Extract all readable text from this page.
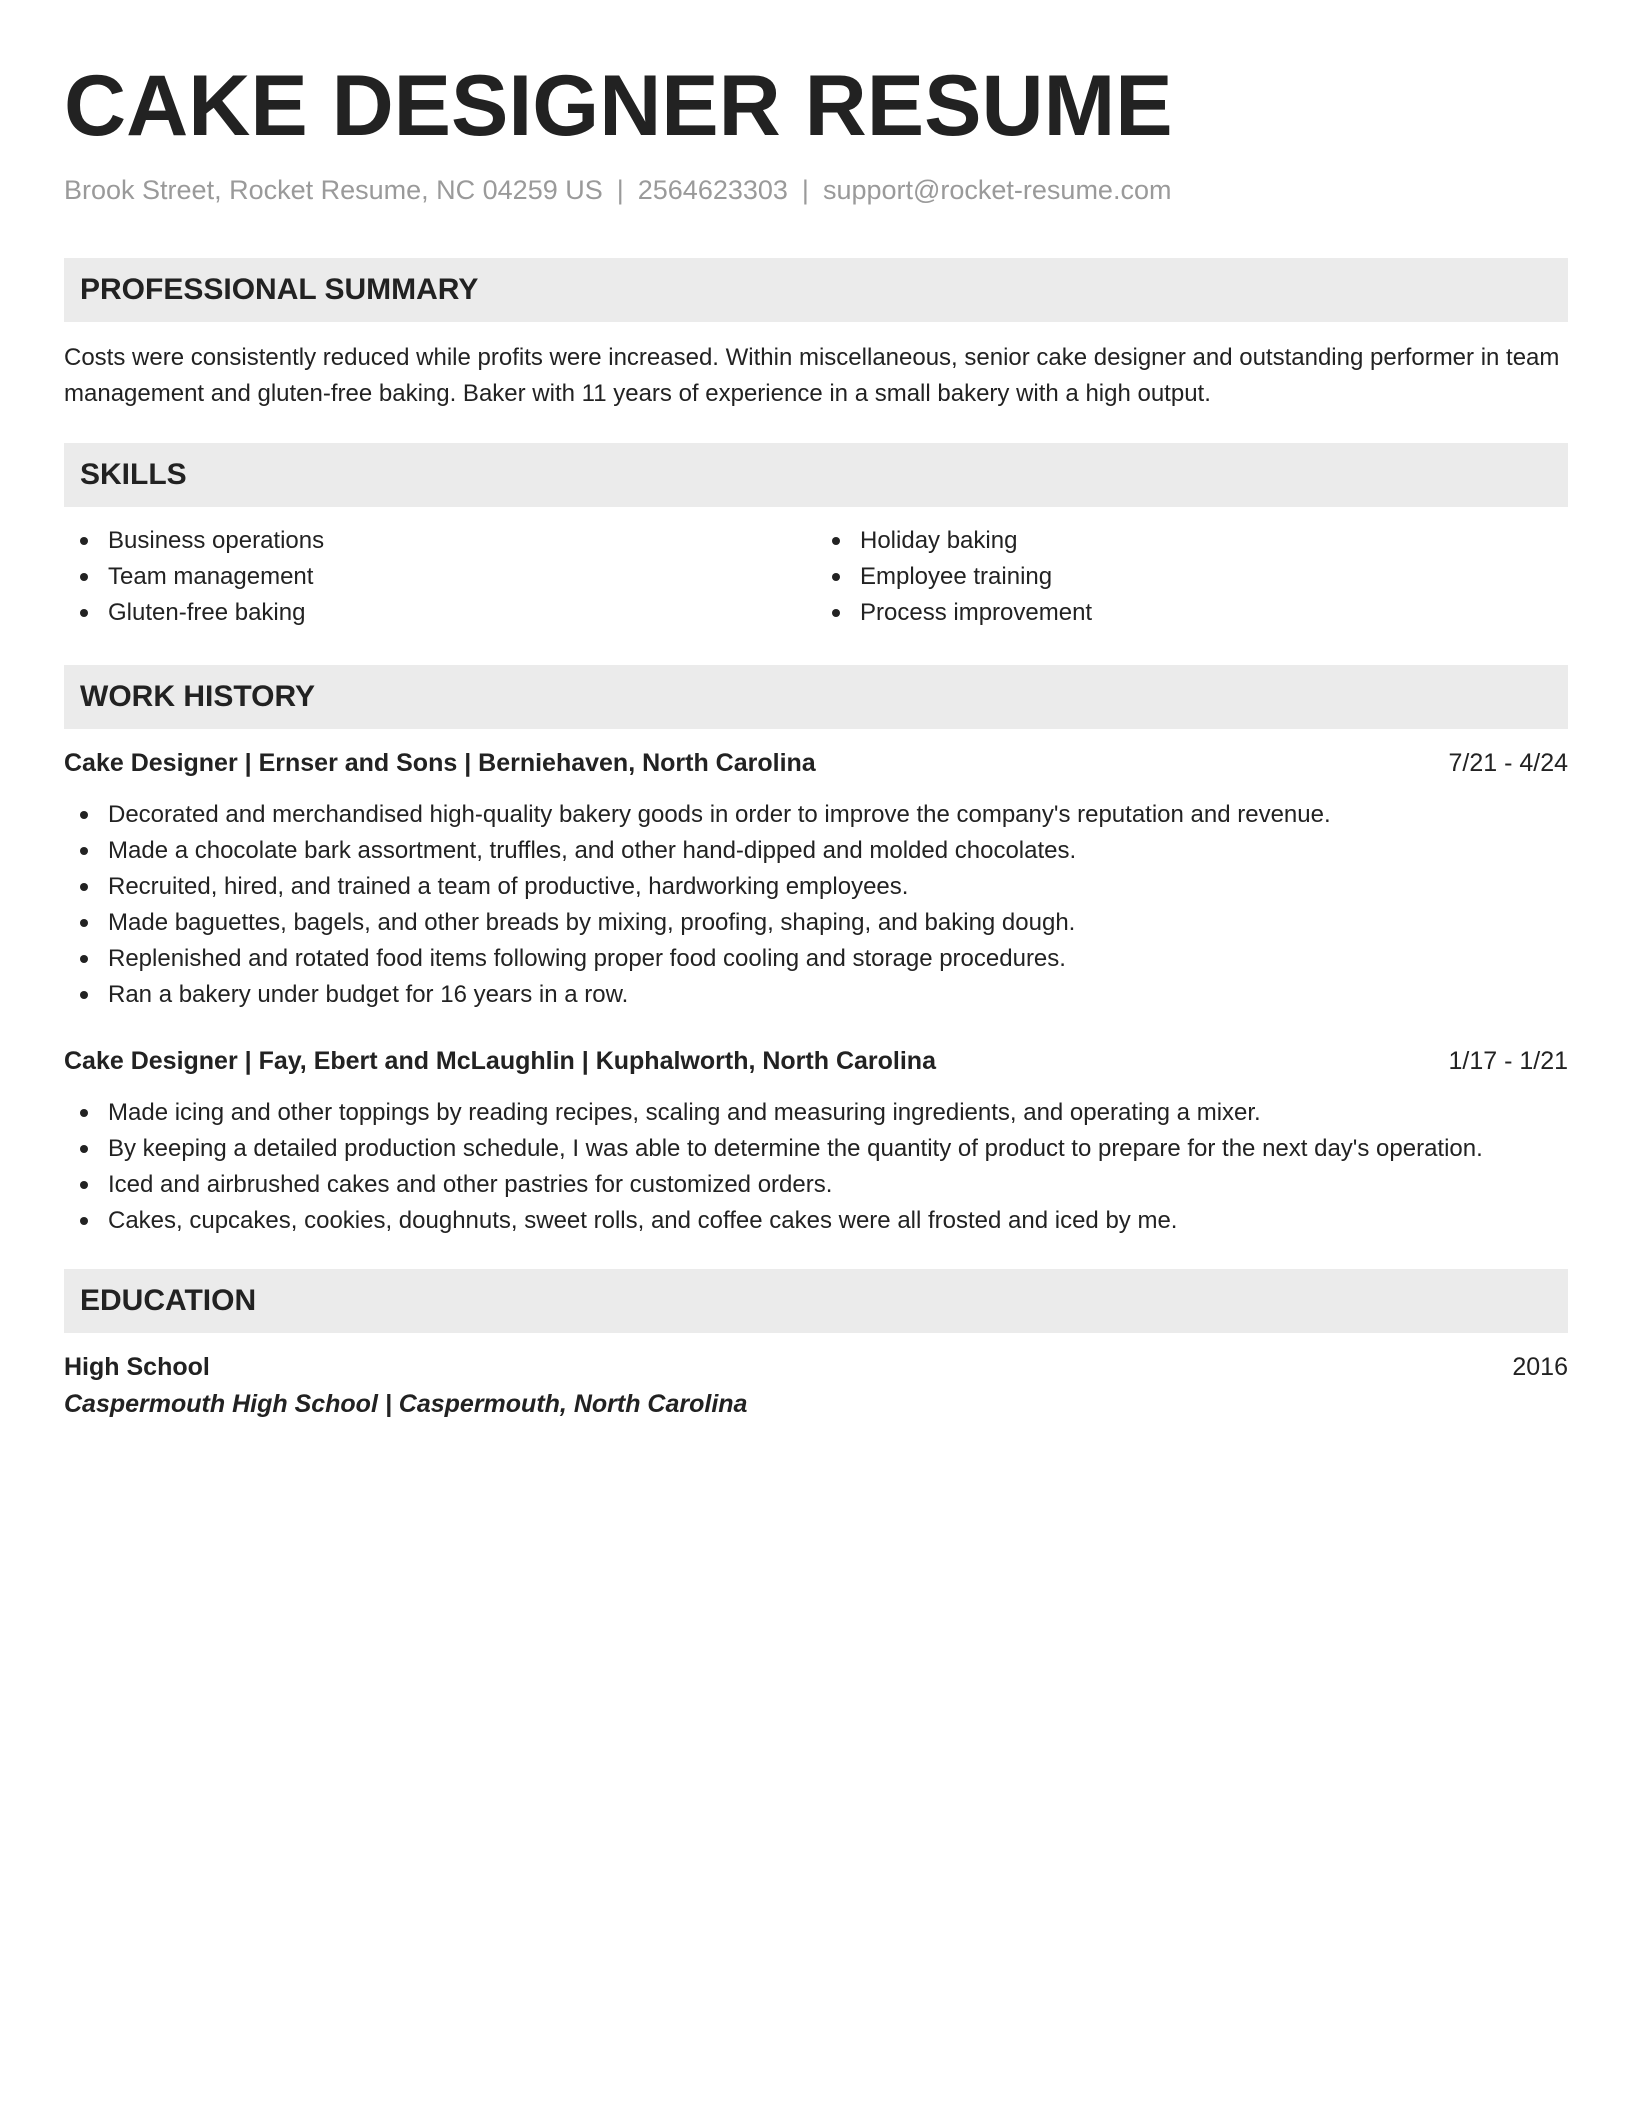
CAKE DESIGNER RESUME
Brook Street, Rocket Resume, NC 04259 US | 2564623303 | support@rocket-resume.com
PROFESSIONAL SUMMARY

Costs were consistently reduced while profits were increased. Within miscellaneous, senior cake designer and outstanding performer in team management and gluten-free baking. Baker with 11 years of experience in a small bakery with a high output.

SKILLS
Business operations
Team management
Gluten-free baking
Holiday baking
Employee training
Process improvement
WORK HISTORY
Cake Designer | Ernser and Sons | Berniehaven, North Carolina	7/21 - 4/24
Decorated and merchandised high-quality bakery goods in order to improve the company's reputation and revenue.
Made a chocolate bark assortment, truffles, and other hand-dipped and molded chocolates.
Recruited, hired, and trained a team of productive, hardworking employees.
Made baguettes, bagels, and other breads by mixing, proofing, shaping, and baking dough.
Replenished and rotated food items following proper food cooling and storage procedures.
Ran a bakery under budget for 16 years in a row.
Cake Designer | Fay, Ebert and McLaughlin | Kuphalworth, North Carolina	1/17 - 1/21
Made icing and other toppings by reading recipes, scaling and measuring ingredients, and operating a mixer.
By keeping a detailed production schedule, I was able to determine the quantity of product to prepare for the next day's operation.
Iced and airbrushed cakes and other pastries for customized orders.
Cakes, cupcakes, cookies, doughnuts, sweet rolls, and coffee cakes were all frosted and iced by me.
EDUCATION
High School	2016
Caspermouth High School | Caspermouth, North Carolina
